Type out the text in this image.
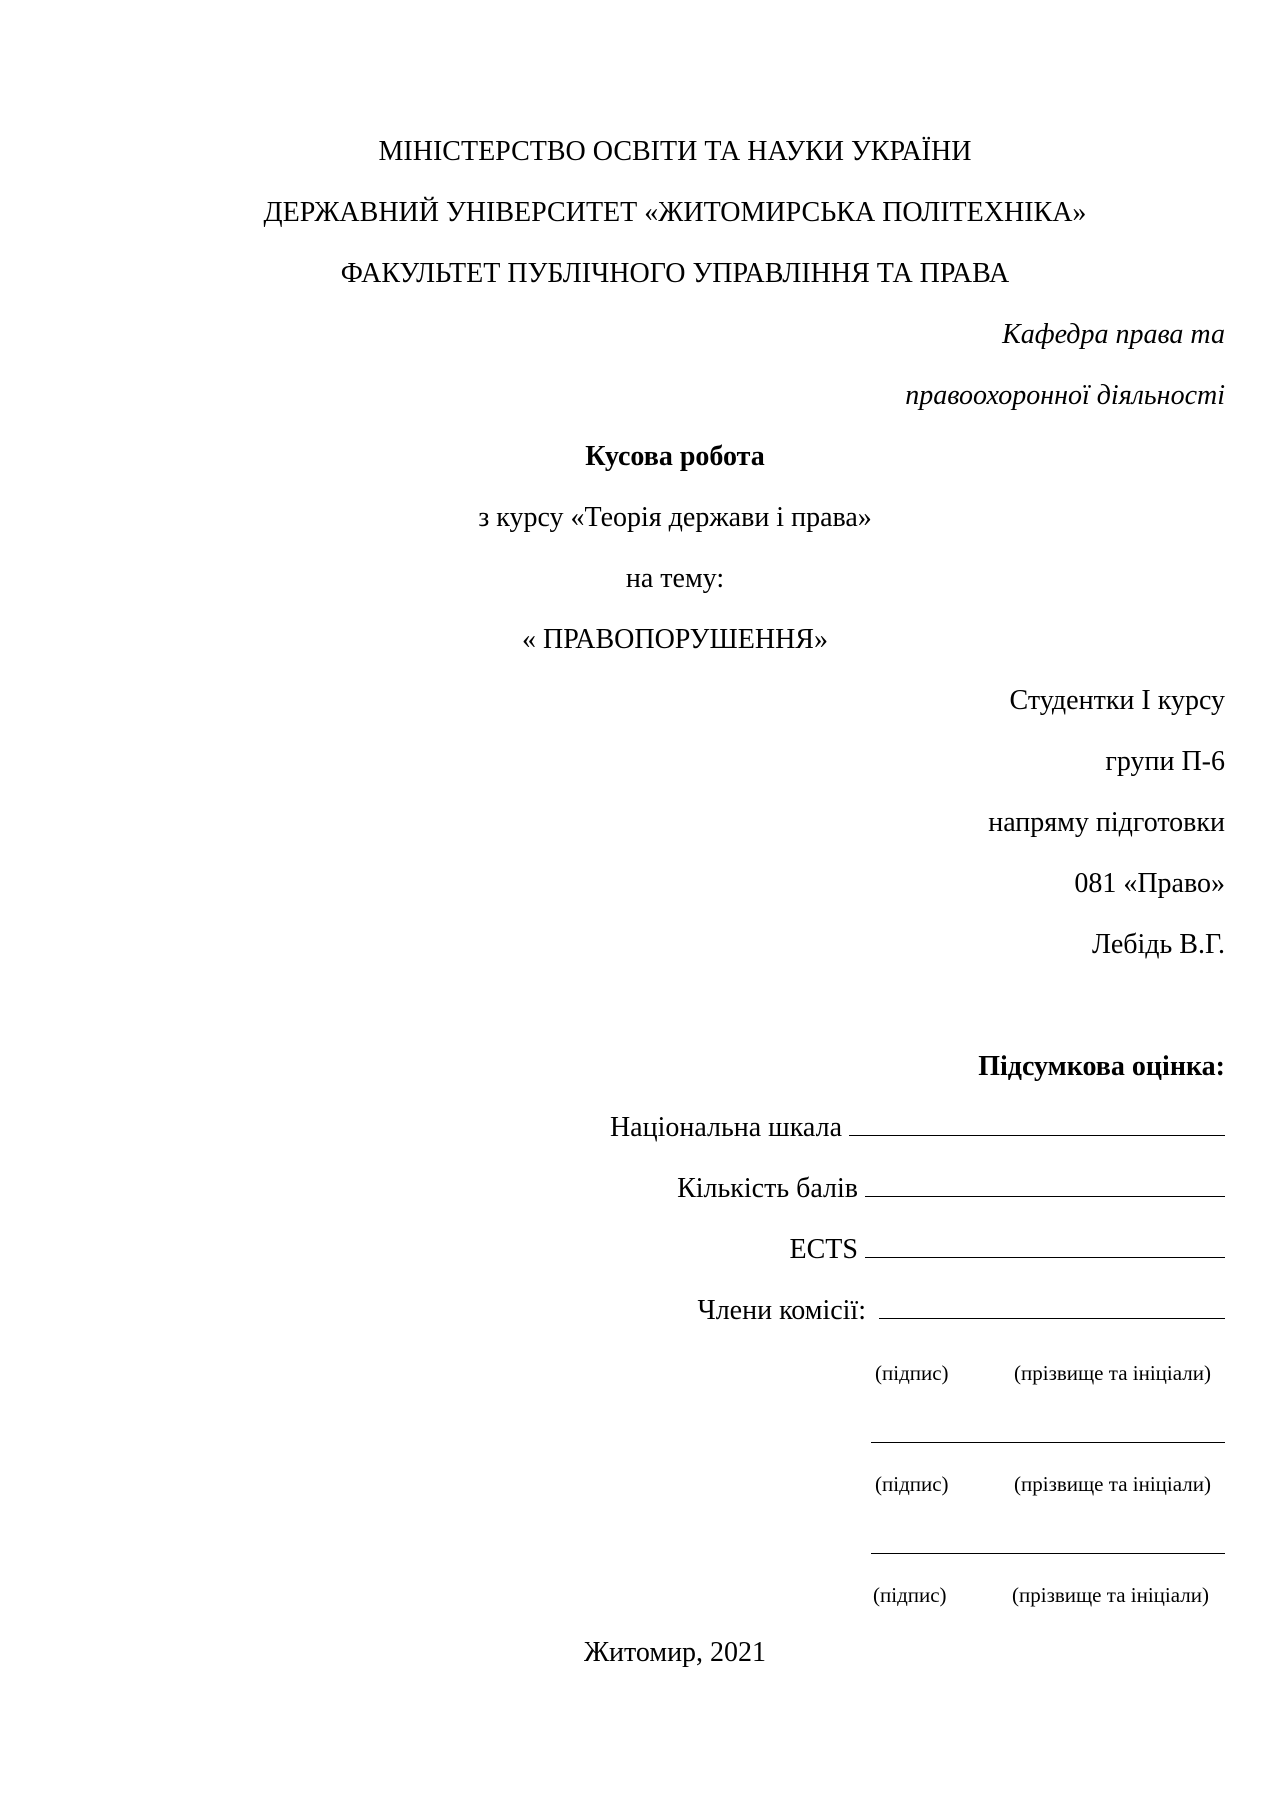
МІНІСТЕРСТВО ОСВІТИ ТА НАУКИ УКРАЇНИ
ДЕРЖАВНИЙ УНІВЕРСИТЕТ «ЖИТОМИРСЬКА ПОЛІТЕХНІКА»
ФАКУЛЬТЕТ ПУБЛІЧНОГО УПРАВЛІННЯ ТА ПРАВА
Кафедра права та
правоохоронної діяльності
Кусова робота
з курсу «Теорія держави і права»
на тему:
« ПРАВОПОРУШЕННЯ»
Студентки І курсу
групи П-6
напряму підготовки
081 «Право»
Лебідь В.Г.
Підсумкова оцінка:
Національна шкала
Кількість балів
ECTS
Члени комісії:
(підпис)	(прізвище та ініціали)
(підпис)	(прізвище та ініціали)
(підпис)	(прізвище та ініціали)
Житомир, 2021
